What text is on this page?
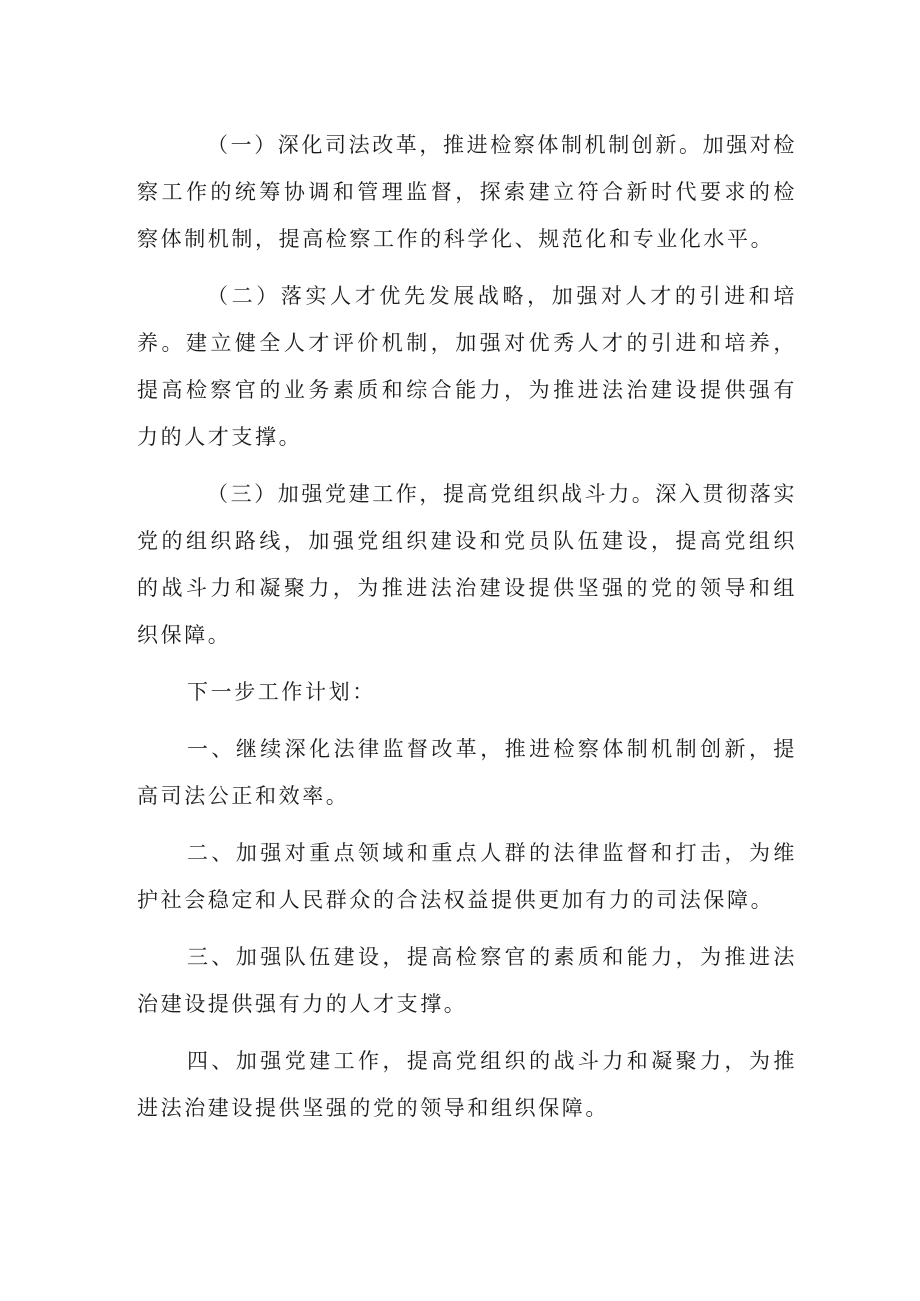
（一）深化司法改革，推进检察体制机制创新。加强对检察工作的统筹协调和管理监督，探索建立符合新时代要求的检察体制机制，提高检察工作的科学化、规范化和专业化水平。

（二）落实人才优先发展战略，加强对人才的引进和培养。建立健全人才评价机制，加强对优秀人才的引进和培养，提高检察官的业务素质和综合能力，为推进法治建设提供强有力的人才支撑。

（三）加强党建工作，提高党组织战斗力。深入贯彻落实党的组织路线，加强党组织建设和党员队伍建设，提高党组织的战斗力和凝聚力，为推进法治建设提供坚强的党的领导和组织保障。

下一步工作计划：

一、继续深化法律监督改革，推进检察体制机制创新，提高司法公正和效率。

二、加强对重点领域和重点人群的法律监督和打击，为维护社会稳定和人民群众的合法权益提供更加有力的司法保障。

三、加强队伍建设，提高检察官的素质和能力，为推进法治建设提供强有力的人才支撑。

四、加强党建工作，提高党组织的战斗力和凝聚力，为推进法治建设提供坚强的党的领导和组织保障。
